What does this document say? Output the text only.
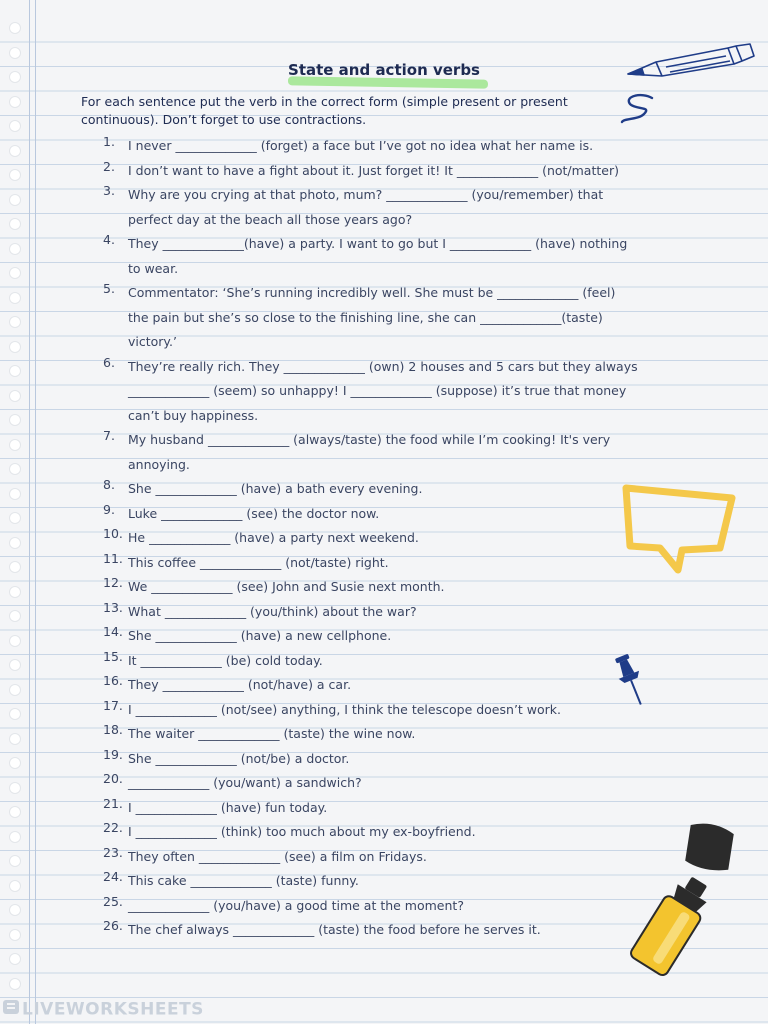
State and action verbs
For each sentence put the verb in the correct form (simple present or present continuous). Don’t forget to use contractions.
1.	I never _____________ (forget) a face but I’ve got no idea what her name is.
2.	I don’t want to have a fight about it. Just forget it! It _____________ (not/matter)
3.	Why are you crying at that photo, mum? _____________ (you/remember) that
perfect day at the beach all those years ago?
4.	They _____________(have) a party. I want to go but I _____________ (have) nothing
to wear.
5.	Commentator: ‘She’s running incredibly well. She must be _____________ (feel)
the pain but she’s so close to the finishing line, she can _____________(taste)
victory.’
6.	They’re really rich. They _____________ (own) 2 houses and 5 cars but they always
_____________ (seem) so unhappy! I _____________ (suppose) it’s true that money
can’t buy happiness.
7.	My husband _____________ (always/taste) the food while I’m cooking! It's very
annoying.
8.	She _____________ (have) a bath every evening.
9.	Luke _____________ (see) the doctor now.
10. He _____________ (have) a party next weekend.
11. This coffee _____________ (not/taste) right.
12. We _____________ (see) John and Susie next month.
13. What _____________ (you/think) about the war?
14. She _____________ (have) a new cellphone.
15. It _____________ (be) cold today.
16. They _____________ (not/have) a car.
17. I _____________ (not/see) anything, I think the telescope doesn’t work.
18. The waiter _____________ (taste) the wine now.
19. She _____________ (not/be) a doctor.
20. _____________ (you/want) a sandwich?
21. I _____________ (have) fun today.
22. I _____________ (think) too much about my ex-boyfriend.
23. They often _____________ (see) a film on Fridays.
24. This cake _____________ (taste) funny.
25. _____________ (you/have) a good time at the moment?
26. The chef always _____________ (taste) the food before he serves it.
LIVEWORKSHEETS
